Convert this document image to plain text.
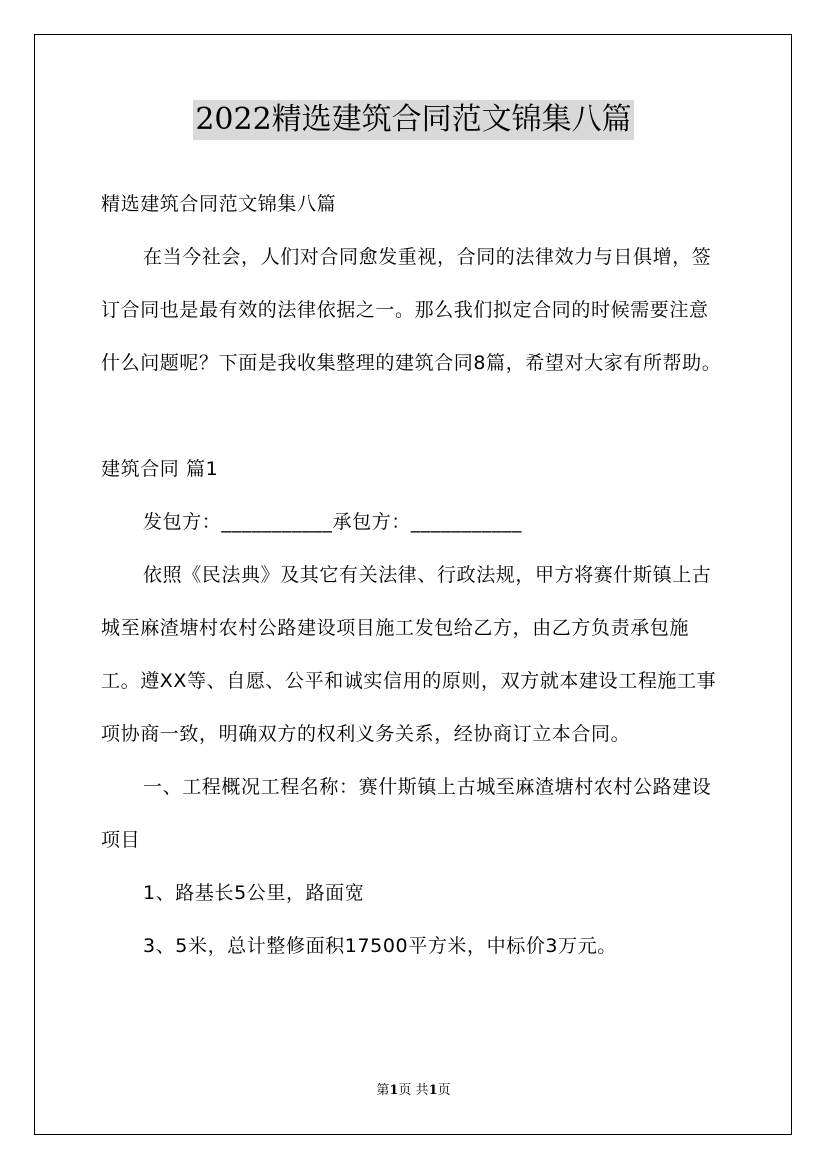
2022精选建筑合同范文锦集八篇

精选建筑合同范文锦集八篇

在当今社会，人们对合同愈发重视，合同的法律效力与日俱增，签订合同也是最有效的法律依据之一。那么我们拟定合同的时候需要注意什么问题呢？下面是我收集整理的建筑合同8篇，希望对大家有所帮助。

建筑合同 篇1

发包方：___________承包方：___________

依照《民法典》及其它有关法律、行政法规，甲方将赛什斯镇上古城至麻渣塘村农村公路建设项目施工发包给乙方，由乙方负责承包施工。遵XX等、自愿、公平和诚实信用的原则，双方就本建设工程施工事项协商一致，明确双方的权利义务关系，经协商订立本合同。

一、工程概况工程名称：赛什斯镇上古城至麻渣塘村农村公路建设项目

1、路基长5公里，路面宽

3、5米，总计整修面积17500平方米，中标价3万元。

第1页 共1页
